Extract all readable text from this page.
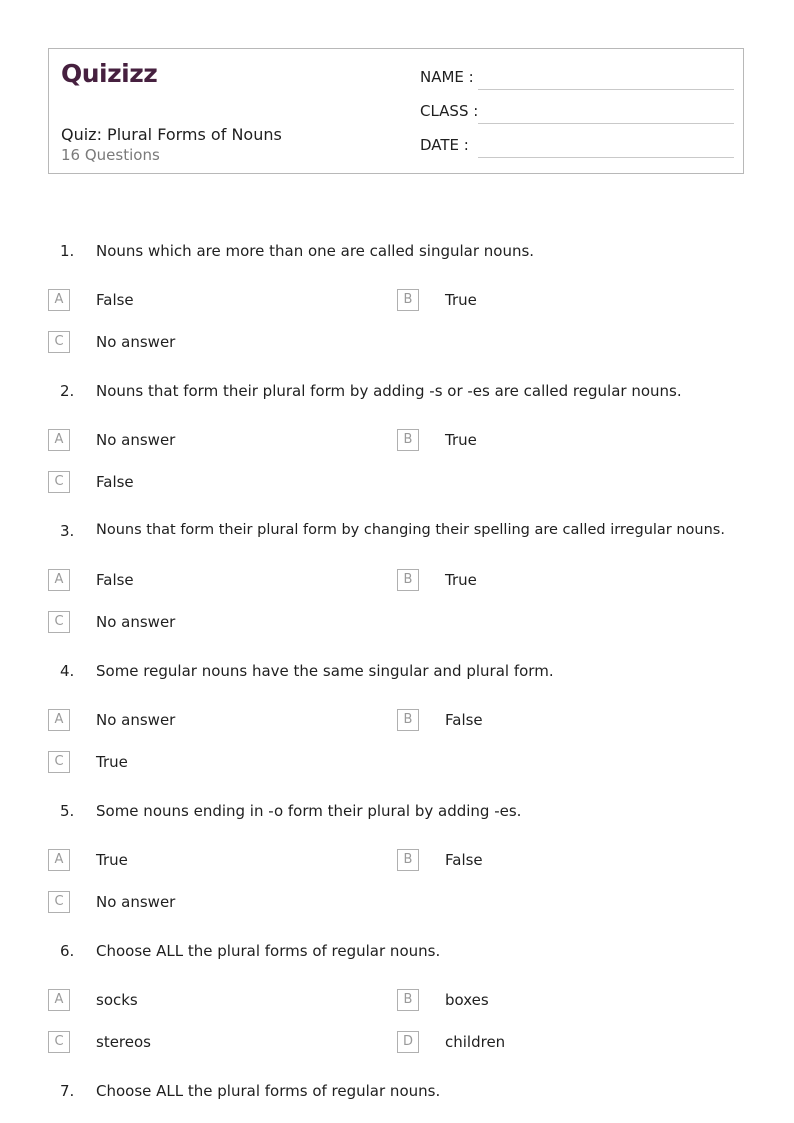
Quizizz
Quiz: Plural Forms of Nouns
16 Questions
NAME :
CLASS :
DATE :
1. Nouns which are more than one are called singular nouns.
A	False	B	True
C	No answer
2. Nouns that form their plural form by adding -s or -es are called regular nouns.
A	No answer	B	True
C	False
3. Nouns that form their plural form by changing their spelling are called irregular nouns.
A	False	B	True
C	No answer
4. Some regular nouns have the same singular and plural form.
A	No answer	B	False
C	True
5. Some nouns ending in -o form their plural by adding -es.
A	True	B	False
C	No answer
6. Choose ALL the plural forms of regular nouns.
A	socks	B	boxes
C	stereos	D	children
7. Choose ALL the plural forms of regular nouns.
